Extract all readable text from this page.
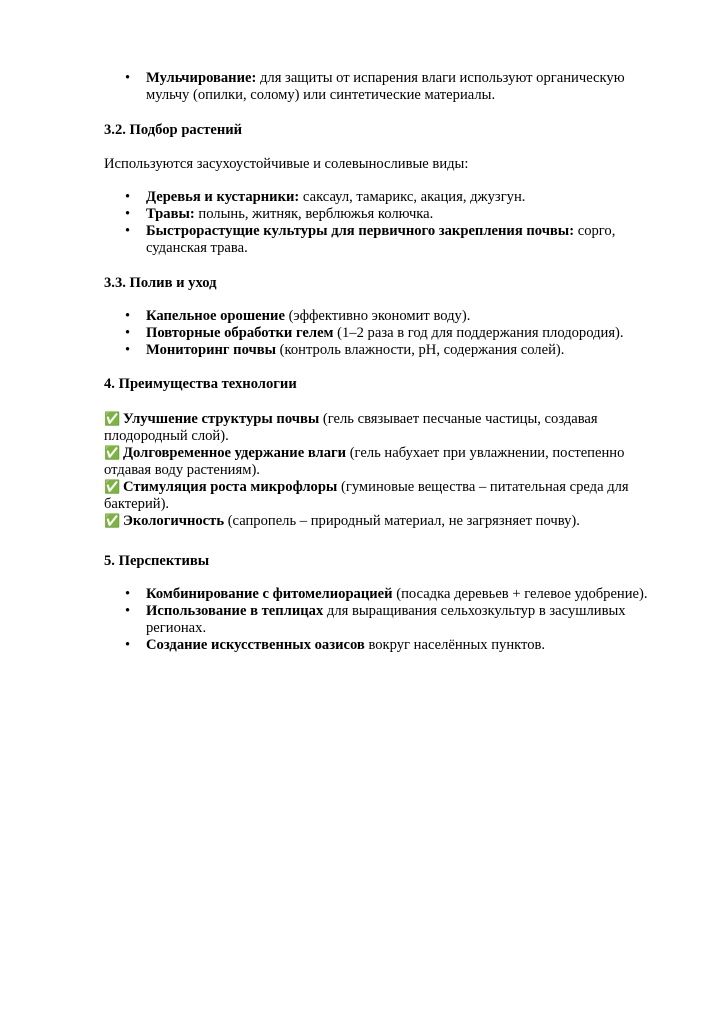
• Мульчирование: для защиты от испарения влаги используют органическую мульчу (опилки, солому) или синтетические материалы.
3.2. Подбор растений
Используются засухоустойчивые и солевыносливые виды:
• Деревья и кустарники: саксаул, тамарикс, акация, джузгун.
• Травы: полынь, житняк, верблюжья колючка.
• Быстрорастущие культуры для первичного закрепления почвы: сорго, суданская трава.
3.3. Полив и уход
• Капельное орошение (эффективно экономит воду).
• Повторные обработки гелем (1–2 раза в год для поддержания плодородия).
• Мониторинг почвы (контроль влажности, pH, содержания солей).
4. Преимущества технологии
✅ Улучшение структуры почвы (гель связывает песчаные частицы, создавая плодородный слой).
✅ Долговременное удержание влаги (гель набухает при увлажнении, постепенно отдавая воду растениям).
✅ Стимуляция роста микрофлоры (гуминовые вещества – питательная среда для бактерий).
✅ Экологичность (сапропель – природный материал, не загрязняет почву).
5. Перспективы
• Комбинирование с фитомелиорацией (посадка деревьев + гелевое удобрение).
• Использование в теплицах для выращивания сельхозкультур в засушливых регионах.
• Создание искусственных оазисов вокруг населённых пунктов.
